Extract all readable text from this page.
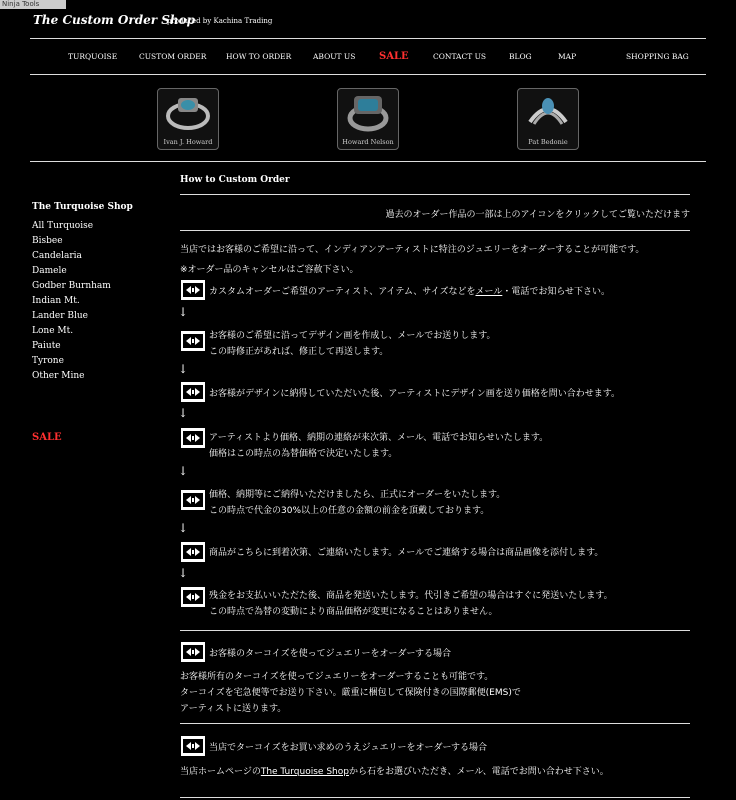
Ninja Tools
The Custom Order Shop
produced by Kachina Trading
TURQUOISE	CUSTOM ORDER	HOW TO ORDER	ABOUT US SALE	CONTACT US	BLOG	MAP	SHOPPING BAG
Ivan J. Howard	Howard Nelson	Pat Bedonie
The Turquoise Shop
All Turquoise
Bisbee
Candelaria
Damele
Godber Burnham
Indian Mt.
Lander Blue
Lone Mt.
Paiute
Tyrone
Other Mine
SALE
How to Custom Order
過去のオーダー作品の一部は上のアイコンをクリックしてご覧いただけます
当店ではお客様のご希望に沿って、インディアンアーティストに特注のジュエリーをオーダーすることが可能です。
※オーダー品のキャンセルはご容赦下さい。
カスタムオーダーご希望のアーティスト、アイテム、サイズなどをメール・電話でお知らせ下さい。
↓
お客様のご希望に沿ってデザイン画を作成し、メールでお送りします。
この時修正があれば、修正して再送します。
↓
お客様がデザインに納得していただいた後、アーティストにデザイン画を送り価格を問い合わせます。
↓
アーティストより価格、納期の連絡が来次第、メール、電話でお知らせいたします。
価格はこの時点の為替価格で決定いたします。
↓
価格、納期等にご納得いただけましたら、正式にオーダーをいたします。
この時点で代金の30%以上の任意の金額の前金を頂戴しております。
↓
商品がこちらに到着次第、ご連絡いたします。メールでご連絡する場合は商品画像を添付します。
↓
残金をお支払いいただた後、商品を発送いたします。代引きご希望の場合はすぐに発送いたします。
この時点で為替の変動により商品価格が変更になることはありません。
お客様のターコイズを使ってジュエリーをオーダーする場合
お客様所有のターコイズを使ってジュエリーをオーダーすることも可能です。
ターコイズを宅急便等でお送り下さい。厳重に梱包して保険付きの国際郵便(EMS)で
アーティストに送ります。
当店でターコイズをお買い求めのうえジュエリーをオーダーする場合
当店ホームページのThe Turquoise Shopから石をお選びいただき、メール、電話でお問い合わせ下さい。
